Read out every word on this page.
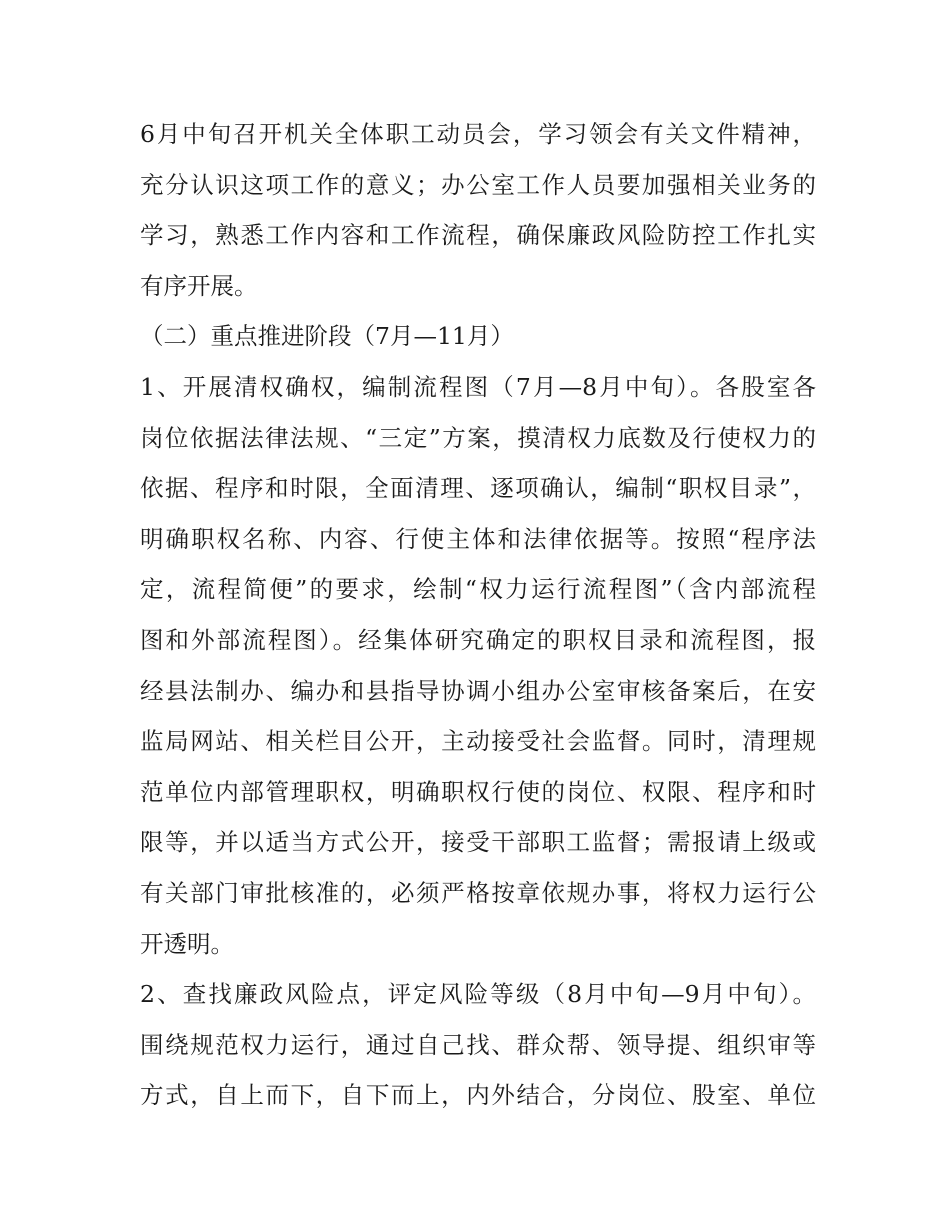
6月中旬召开机关全体职工动员会，学习领会有关文件精神，
充分认识这项工作的意义；办公室工作人员要加强相关业务的
学习，熟悉工作内容和工作流程，确保廉政风险防控工作扎实
有序开展。
（二）重点推进阶段（7月—11月）
1、开展清权确权，编制流程图（7月—8月中旬）。各股室各
岗位依据法律法规、“三定”方案，摸清权力底数及行使权力的
依据、程序和时限，全面清理、逐项确认，编制“职权目录”，
明确职权名称、内容、行使主体和法律依据等。按照“程序法
定，流程简便”的要求，绘制“权力运行流程图”（含内部流程
图和外部流程图）。经集体研究确定的职权目录和流程图，报
经县法制办、编办和县指导协调小组办公室审核备案后，在安
监局网站、相关栏目公开，主动接受社会监督。同时，清理规
范单位内部管理职权，明确职权行使的岗位、权限、程序和时
限等，并以适当方式公开，接受干部职工监督；需报请上级或
有关部门审批核准的，必须严格按章依规办事，将权力运行公
开透明。
2、查找廉政风险点，评定风险等级（8月中旬—9月中旬）。
围绕规范权力运行，通过自己找、群众帮、领导提、组织审等
方式，自上而下，自下而上，内外结合，分岗位、股室、单位
